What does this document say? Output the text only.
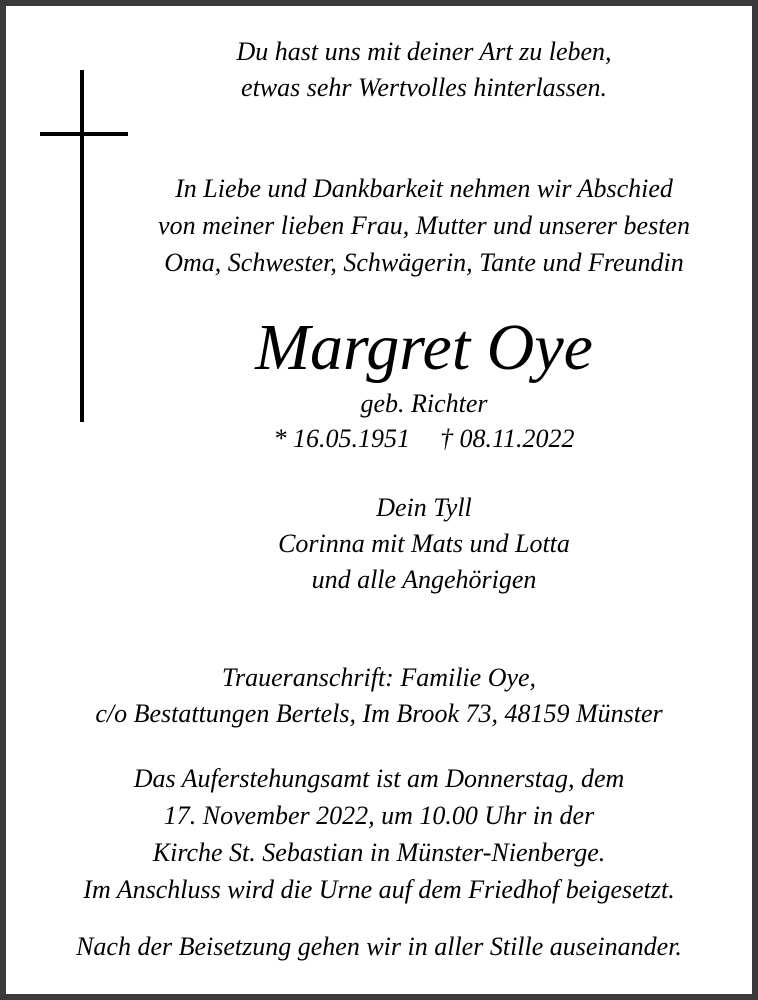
Du hast uns mit deiner Art zu leben,
etwas sehr Wertvolles hinterlassen.
In Liebe und Dankbarkeit nehmen wir Abschied
von meiner lieben Frau, Mutter und unserer besten
Oma, Schwester, Schwägerin, Tante und Freundin
Margret Oye
geb. Richter
* 16.05.1951 † 08.11.2022
Dein Tyll
Corinna mit Mats und Lotta
und alle Angehörigen
Traueranschrift: Familie Oye,
c/o Bestattungen Bertels, Im Brook 73, 48159 Münster
Das Auferstehungsamt ist am Donnerstag, dem
17. November 2022, um 10.00 Uhr in der
Kirche St. Sebastian in Münster-Nienberge.
Im Anschluss wird die Urne auf dem Friedhof beigesetzt.
Nach der Beisetzung gehen wir in aller Stille auseinander.
